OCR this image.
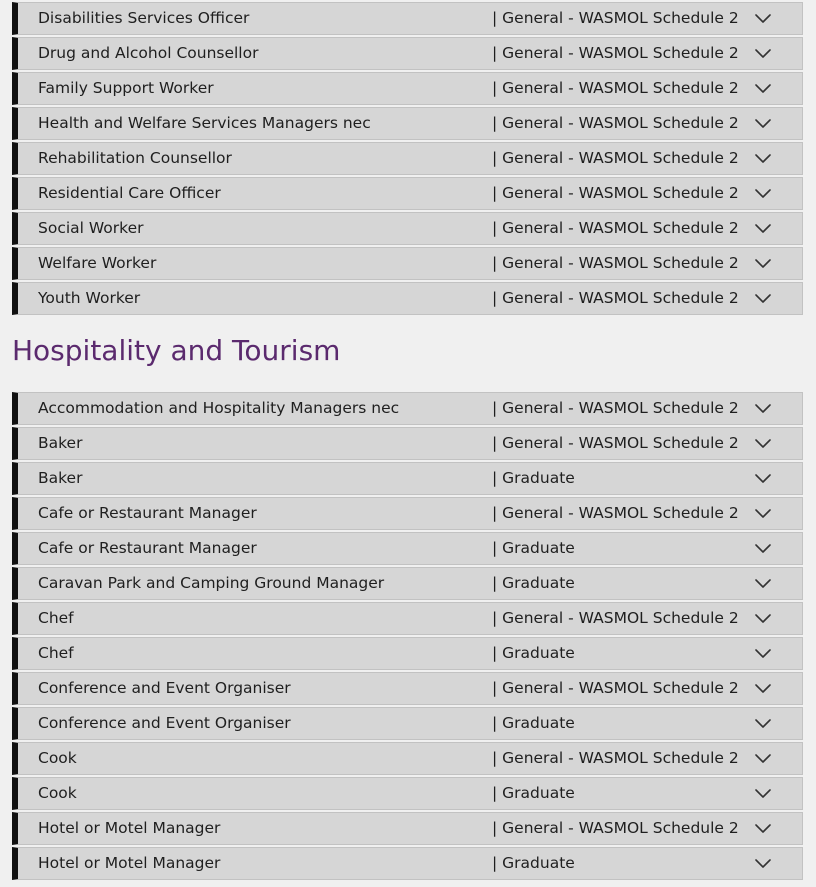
Disabilities Services Officer	| General - WASMOL Schedule 2
Drug and Alcohol Counsellor	| General - WASMOL Schedule 2
Family Support Worker	| General - WASMOL Schedule 2
Health and Welfare Services Managers nec	| General - WASMOL Schedule 2
Rehabilitation Counsellor	| General - WASMOL Schedule 2
Residential Care Officer	| General - WASMOL Schedule 2
Social Worker	| General - WASMOL Schedule 2
Welfare Worker	| General - WASMOL Schedule 2
Youth Worker	| General - WASMOL Schedule 2
Hospitality and Tourism
Accommodation and Hospitality Managers nec	| General - WASMOL Schedule 2
Baker	| General - WASMOL Schedule 2
Baker	| Graduate
Cafe or Restaurant Manager	| General - WASMOL Schedule 2
Cafe or Restaurant Manager	| Graduate
Caravan Park and Camping Ground Manager	| Graduate
Chef	| General - WASMOL Schedule 2
Chef	| Graduate
Conference and Event Organiser	| General - WASMOL Schedule 2
Conference and Event Organiser	| Graduate
Cook	| General - WASMOL Schedule 2
Cook	| Graduate
Hotel or Motel Manager	| General - WASMOL Schedule 2
Hotel or Motel Manager	| Graduate
